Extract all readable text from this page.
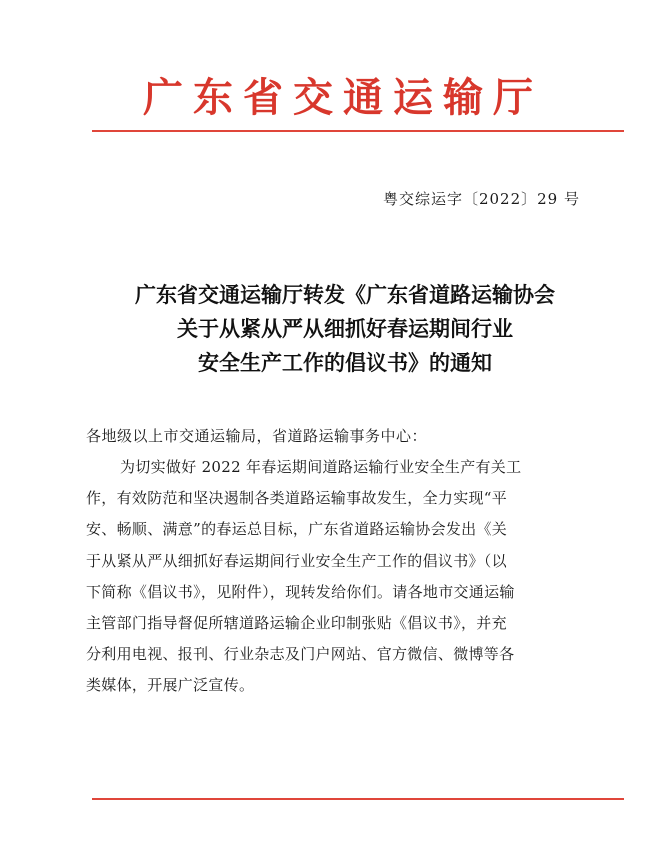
广东省交通运输厅
粤交综运字〔2022〕29 号
广东省交通运输厅转发《广东省道路运输协会
关于从紧从严从细抓好春运期间行业
安全生产工作的倡议书》的通知
各地级以上市交通运输局，省道路运输事务中心：
为切实做好 2022 年春运期间道路运输行业安全生产有关工
作，有效防范和坚决遏制各类道路运输事故发生，全力实现“平
安、畅顺、满意”的春运总目标，广东省道路运输协会发出《关
于从紧从严从细抓好春运期间行业安全生产工作的倡议书》（以
下简称《倡议书》，见附件），现转发给你们。请各地市交通运输
主管部门指导督促所辖道路运输企业印制张贴《倡议书》，并充
分利用电视、报刊、行业杂志及门户网站、官方微信、微博等各
类媒体，开展广泛宣传。
